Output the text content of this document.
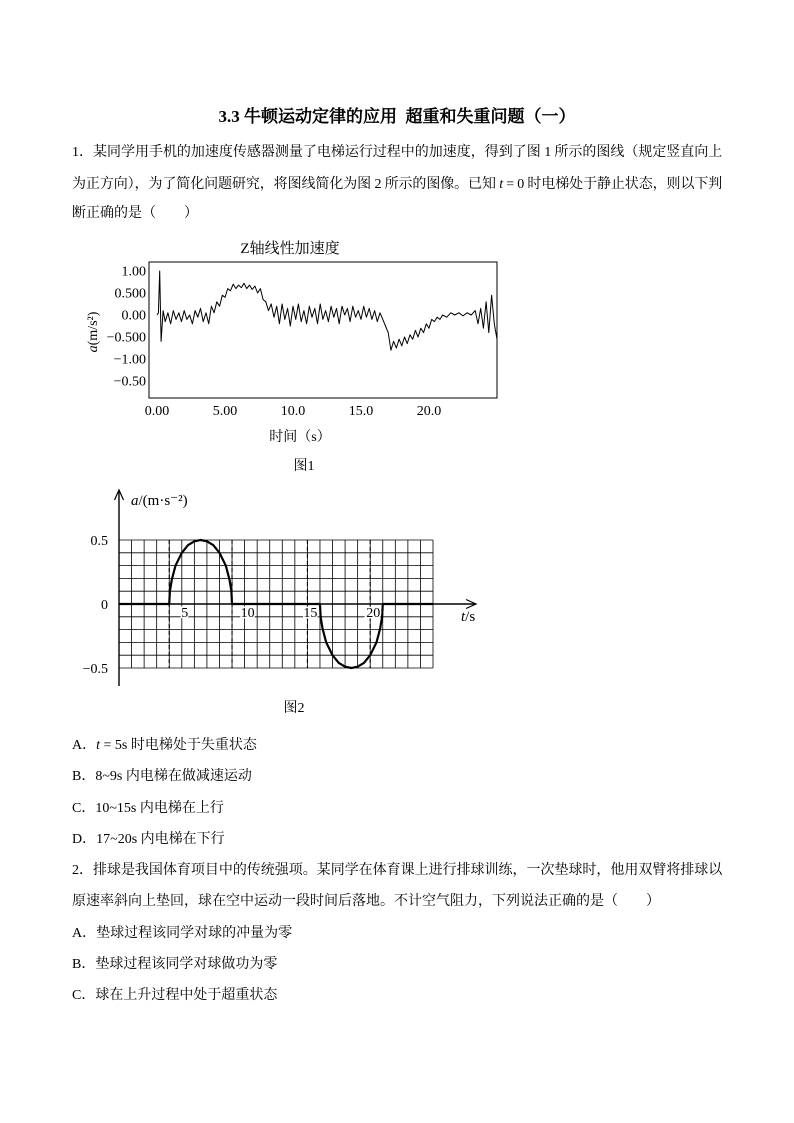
3.3 牛顿运动定律的应用  超重和失重问题（一）
1．某同学用手机的加速度传感器测量了电梯运行过程中的加速度，得到了图 1 所示的图线（规定竖直向上
为正方向），为了简化问题研究，将图线简化为图 2 所示的图像。已知 t = 0 时电梯处于静止状态，则以下判
断正确的是（　　）
Z轴线性加速度
1.00
0.500
0.00
−0.500
−1.00
−0.50
0.00	5.00	10.0	15.0	20.0
a(m/s²)
时间（s）
图1
5	10	15	20
0.5
0
−0.5
a/(m·s⁻²)
t/s
图2
A．t = 5s 时电梯处于失重状态
B．8~9s 内电梯在做减速运动
C．10~15s 内电梯在上行
D．17~20s 内电梯在下行
2．排球是我国体育项目中的传统强项。某同学在体育课上进行排球训练，一次垫球时，他用双臂将排球以
原速率斜向上垫回，球在空中运动一段时间后落地。不计空气阻力，下列说法正确的是（　　）
A．垫球过程该同学对球的冲量为零
B．垫球过程该同学对球做功为零
C．球在上升过程中处于超重状态
